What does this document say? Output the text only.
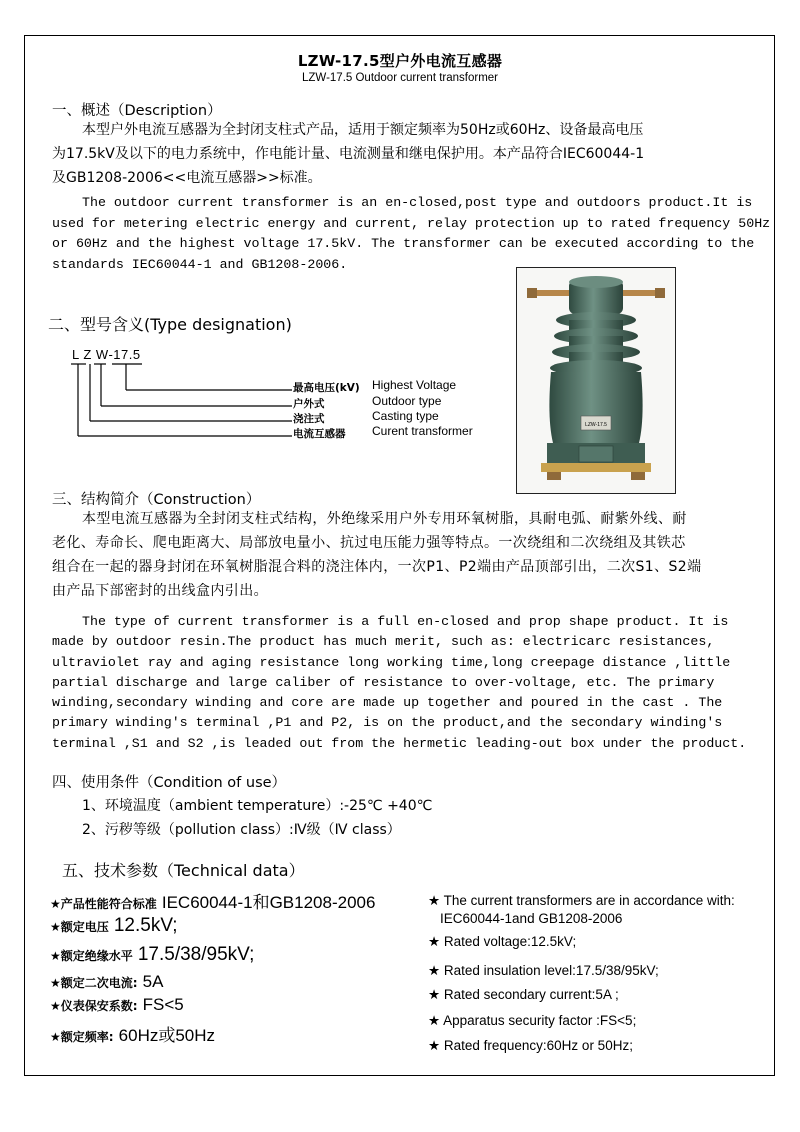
LZW-17.5型户外电流互感器
LZW-17.5 Outdoor current transformer
一、概述（Description）
本型户外电流互感器为全封闭支柱式产品，适用于额定频率为50Hz或60Hz、设备最高电压
为17.5kV及以下的电力系统中，作电能计量、电流测量和继电保护用。本产品符合IEC60044-1
及GB1208-2006<<电流互感器>>标准。
The outdoor current transformer is an en-closed,post type and outdoors product.It is
used for metering electric energy and current, relay protection up to rated frequency 50Hz
or 60Hz and the highest voltage 17.5kV. The transformer can be executed according to the
standards IEC60044-1 and GB1208-2006.
二、型号含义(Type designation)
L Z W-17.5
最高电压(kV) Highest Voltage
户外式	Outdoor type
浇注式	Casting type
电流互感器 Curent transformer	LZW-17.5
三、结构简介（Construction）
本型电流互感器为全封闭支柱式结构，外绝缘采用户外专用环氧树脂，具耐电弧、耐紫外线、耐
老化、寿命长、爬电距离大、局部放电量小、抗过电压能力强等特点。一次绕组和二次绕组及其铁芯
组合在一起的器身封闭在环氧树脂混合料的浇注体内，一次P1、P2端由产品顶部引出，二次S1、S2端
由产品下部密封的出线盒内引出。
The type of current transformer is a full en-closed and prop shape product. It is
made by outdoor resin.The product has much merit, such as: electricarc resistances,
ultraviolet ray and aging resistance long working time,long creepage distance ,little
partial discharge and large caliber of resistance to over-voltage, etc. The primary
winding,secondary winding and core are made up together and poured in the cast . The
primary winding's terminal ,P1 and P2, is on the product,and the secondary winding's
terminal ,S1 and S2 ,is leaded out from the hermetic leading-out box under the product.
四、使用条件（Condition of use）
1、环境温度（ambient temperature）:-25℃ +40℃
2、污秽等级（pollution class）:Ⅳ级（Ⅳ class）
五、技术参数（Technical data）
★产品性能符合标准 IEC60044-1和GB1208-2006
★额定电压 12.5kV;
★额定绝缘水平 17.5/38/95kV;
★额定二次电流: 5A
★仪表保安系数: FS<5
★额定频率: 60Hz或50Hz
★ The current transformers are in accordance with:
IEC60044-1and GB1208-2006
★ Rated voltage:12.5kV;
★ Rated insulation level:17.5/38/95kV;
★ Rated secondary current:5A ;
★ Apparatus security factor :FS<5;
★ Rated frequency:60Hz or 50Hz;
